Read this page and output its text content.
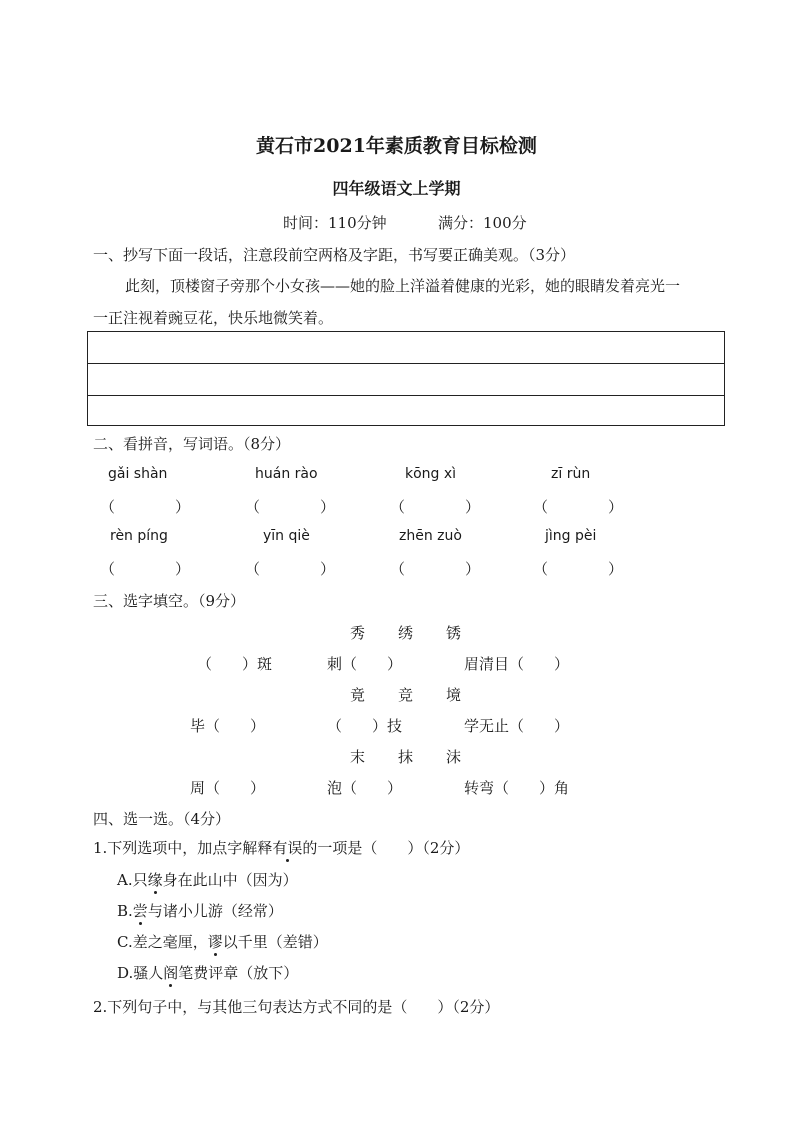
黄石市2021年素质教育目标检测
四年级语文上学期
时间：110分钟	满分：100分
一、抄写下面一段话，注意段前空两格及字距，书写要正确美观。（3分）
此刻，顶楼窗子旁那个小女孩——她的脸上洋溢着健康的光彩，她的眼睛发着亮光一
一正注视着豌豆花，快乐地微笑着。
二、看拼音，写词语。（8分）
gǎi shàn	huán rào	kōng xì	zī rùn
（　　　　）	（　　　　）	（　　　　）	（　　　　）
rèn píng	yīn qiè	zhēn zuò	jìng pèi
（　　　　）	（　　　　）	（　　　　）	（　　　　）
三、选字填空。（9分）
秀 绣 锈
（　　）斑	刺（　　）	眉清目（　　）
竟 竞 境
毕（　　）	（　　）技	学无止（　　）
末 抹 沫
周（　　）	泡（　　）	转弯（　　）角
四、选一选。（4分）
1.下列选项中，加点字解释有误的一项是（　　）（2分）
A.只缘身在此山中（因为）
B.尝与诸小儿游（经常）
C.差之毫厘，谬以千里（差错）
D.骚人阁笔费评章（放下）
2.下列句子中，与其他三句表达方式不同的是（　　）（2分）
